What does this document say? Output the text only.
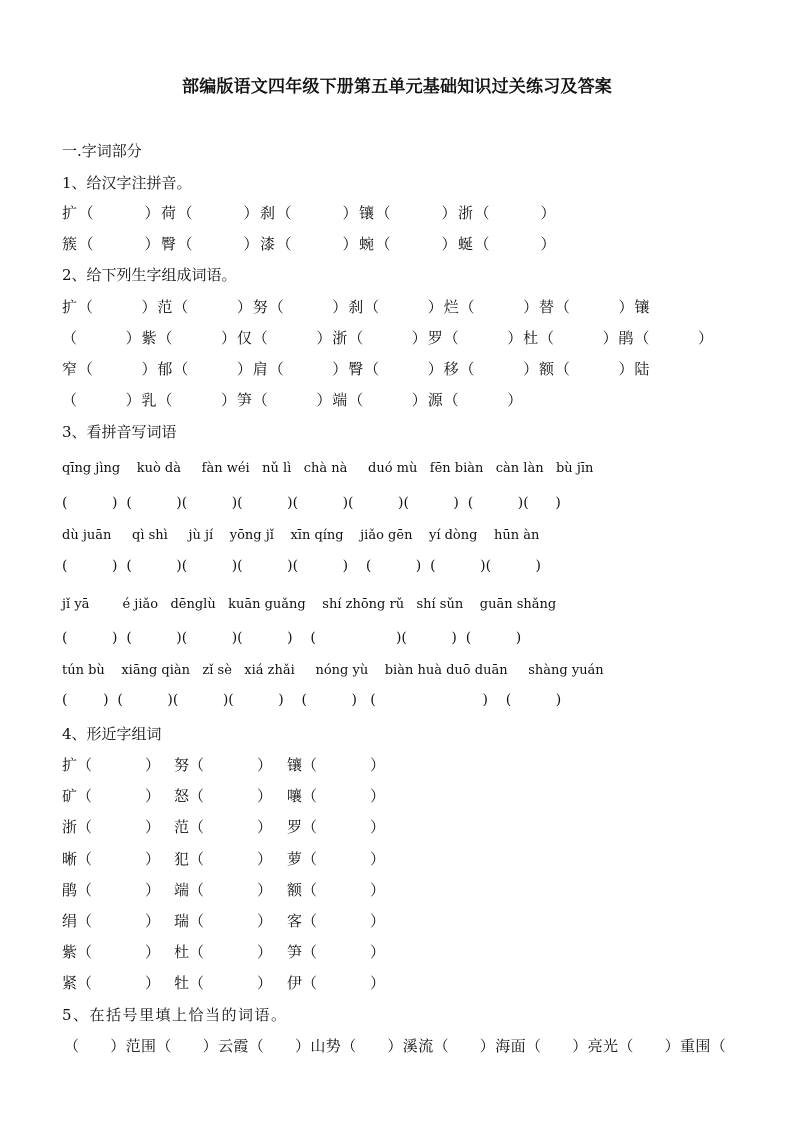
部编版语文四年级下册第五单元基础知识过关练习及答案
一.字词部分
1、给汉字注拼音。
扩（　　　）荷（　　　）刹（　　　）镶（　　　）浙（　　　）
簇（　　　）臀（　　　）漆（　　　）蜿（　　　）蜒（　　　）
2、给下列生字组成词语。
扩（　　　）范（　　　）努（　　　）刹（　　　）烂（　　　）替（　　　）镶
（　　　）紫（　　　）仅（　　　）浙（　　　）罗（　　　）杜（　　　）鹃（　　　）
窄（　　　）郁（　　　）肩（　　　）臀（　　　）移（　　　）额（　　　）陆
（　　　）乳（　　　）笋（　　　）端（　　　）源（　　　）
3、看拼音写词语
qīng jìng    kuò dà     fàn wéi   nǔ lì   chà nà     duó mù   fēn biàn   càn làn   bù jīn
(          )  (          )(          )(          )(          )(          )(          )  (          )(      )
dù juān     qì shì     jù jí    yōng jǐ    xīn qíng    jiǎo gēn    yí dòng    hūn àn
(          )  (          )(          )(          )(          )    (          )  (          )(          )
jǐ yā        é jiǎo   dēnglù   kuān guǎng    shí zhōng rǔ   shí sǔn    guān shǎng
(          )  (          )(          )(          )    (                  )(          )  (          )
tún bù    xiāng qiàn   zǐ sè   xiá zhǎi     nóng yù    biàn huà duō duān     shàng yuán
(        )  (          )(          )(          )    (          )   (                        )    (          )
4、形近字组词
扩（	） 努（	） 镶（	）
矿（	） 怒（	） 嚷（	）
浙（	） 范（	） 罗（	）
晰（	） 犯（	） 萝（	）
鹃（	） 端（	） 额（	）
绢（	） 瑞（	） 客（	）
紫（	） 杜（	） 笋（	）
紧（	） 牡（	） 伊（	）
5、在括号里填上恰当的词语。
（　　）范围（　　）云霞（　　）山势（　　）溪流（　　）海面（　　）亮光（　　）重围（
